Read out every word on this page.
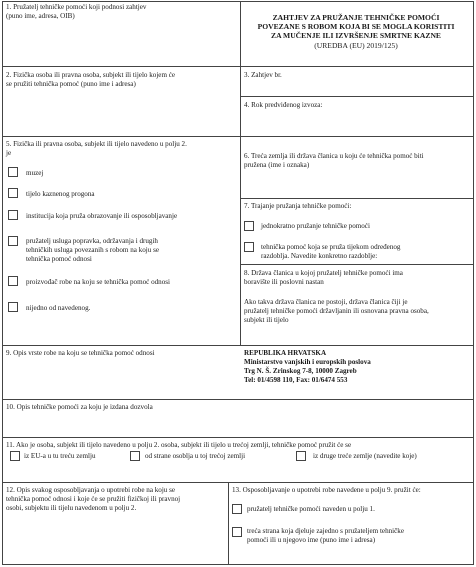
1. Pružatelj tehničke pomoći koji podnosi zahtjev
(puno ime, adresa, OIB)	ZAHTJEV ZA PRUŽANJE TEHNIČKE POMOĆI
POVEZANE S ROBOM KOJA BI SE MOGLA KORISTITI
ZA MUČENJE ILI IZVRŠENJE SMRTNE KAZNE
(UREDBA (EU) 2019/125)
2. Fizička osoba ili pravna osoba, subjekt ili tijelo kojem će
se pružiti tehnička pomoć (puno ime i adresa)
3. Zahtjev br.
4. Rok predviđenog izvoza:
5. Fizička ili pravna osoba, subjekt ili tijelo navedeno u polju 2.
je
muzej
tijelo kaznenog progona
institucija koja pruža obrazovanje ili osposobljavanje
pružatelj usluga popravka, održavanja i drugih
tehničkih usluga povezanih s robom na koju se
tehnička pomoć odnosi
proizvođač robe na koju se tehnička pomoć odnosi
nijedno od navedenog.
6. Treća zemlja ili država članica u koju će tehnička pomoć biti
pružena (ime i oznaka)
7. Trajanje pružanja tehničke pomoći:
jednokratno pružanje tehničke pomoći
tehnička pomoć koja se pruža tijekom određenog
razdoblja. Navedite konkretno razdoblje:
8. Država članica u kojoj pružatelj tehničke pomoći ima
boravište ili poslovni nastan
Ako takva država članica ne postoji, država članica čiji je
pružatelj tehničke pomoći državljanin ili osnovana pravna osoba,
subjekt ili tijelo
9. Opis vrste robe na koju se tehnička pomoć odnosi	REPUBLIKA HRVATSKA
Ministarstvo vanjskih i europskih poslova
Trg N. Š. Zrinskog 7-8, 10000 Zagreb
Tel: 01/4598 110, Fax: 01/6474 553
10. Opis tehničke pomoći za koju je izdana dozvola
11. Ako je osoba, subjekt ili tijelo navedeno u polju 2. osoba, subjekt ili tijelo u trećoj zemlji, tehničke pomoć pružit će se
iz EU-a u tu treću zemlju	od strane osoblja u toj trećoj zemlji	iz druge treće zemlje (navedite koje)
12. Opis svakog osposobljavanja o upotrebi robe na koju se
tehnička pomoć odnosi i koje će se pružiti fizičkoj ili pravnoj
osobi, subjektu ili tijelu navedenom u polju 2.
13. Osposobljavanje o upotrebi robe navedene u polju 9. pružit će:
pružatelj tehničke pomoći naveden u polju 1.
treća strana koja djeluje zajedno s pružateljem tehničke
pomoći ili u njegovo ime (puno ime i adresa)
